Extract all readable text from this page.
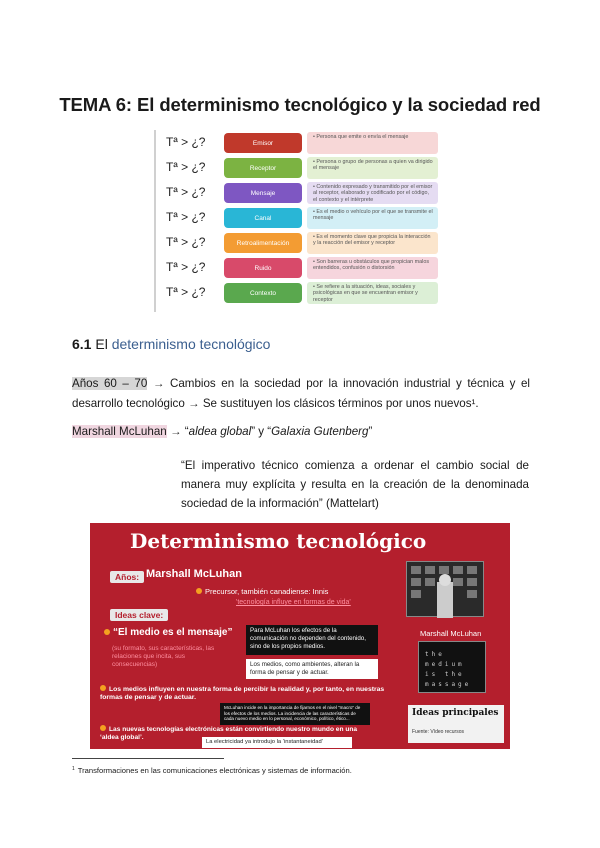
TEMA 6: El determinismo tecnológico y la sociedad red
Tª > ¿?	Emisor
• Persona que emite o envía el mensaje
Tª > ¿?	Receptor
• Persona o grupo de personas a quien va dirigido el mensaje
Tª > ¿?	Mensaje
• Contenido expresado y transmitido por el emisor al receptor, elaborado y codificado por el código, el contexto y el intérprete
Tª > ¿?	Canal
• Es el medio o vehículo por el que se transmite el mensaje
Tª > ¿?	Retroalimentación
• Es el momento clave que propicia la interacción y la reacción del emisor y receptor
Tª > ¿?	Ruido
• Son barreras u obstáculos que propician malos entendidos, confusión o distorsión
Tª > ¿?	Contexto
• Se refiere a la situación, ideas, sociales y psicológicas en que se encuentran emisor y receptor
6.1 El determinismo tecnológico

Años 60 – 70 → Cambios en la sociedad por la innovación industrial y técnica y el desarrollo tecnológico → Se sustituyen los clásicos términos por unos nuevos¹.

Marshall McLuhan → “aldea global” y “Galaxia Gutenberg”

“El imperativo técnico comienza a ordenar el cambio social de manera muy explícita y resulta en la creación de la denominada sociedad de la información” (Mattelart)

Determinismo tecnológico
Años: Marshall McLuhan
Precursor, también canadiense: Innis
'tecnología influye en formas de vida'
Ideas clave:
“El medio es el mensaje”
(su formato, sus características, las relaciones que incita, sus consecuencias)
Para McLuhan los efectos de la comunicación no dependen del contenido, sino de los propios medios.
Los medios, como ambientes, alteran la forma de pensar y de actuar.
Los medios influyen en nuestra forma de percibir la realidad y, por tanto, en nuestras formas de pensar y de actuar.
McLuhan incide en la importancia de fijarnos en el nivel “macro” de los efectos de los medios. La incidencia de las características de cada nuevo medio en lo personal, económico, político, ético...
Las nuevas tecnologías electrónicas están convirtiendo nuestro mundo en una ‘aldea global’.
La electricidad ya introdujo la ‘instantaneidad’
Marshall McLuhan
the medium is the massage
Ideas principales
Fuente: Vídeo recursos

$^1$ Transformaciones en las comunicaciones electrónicas y sistemas de información.
